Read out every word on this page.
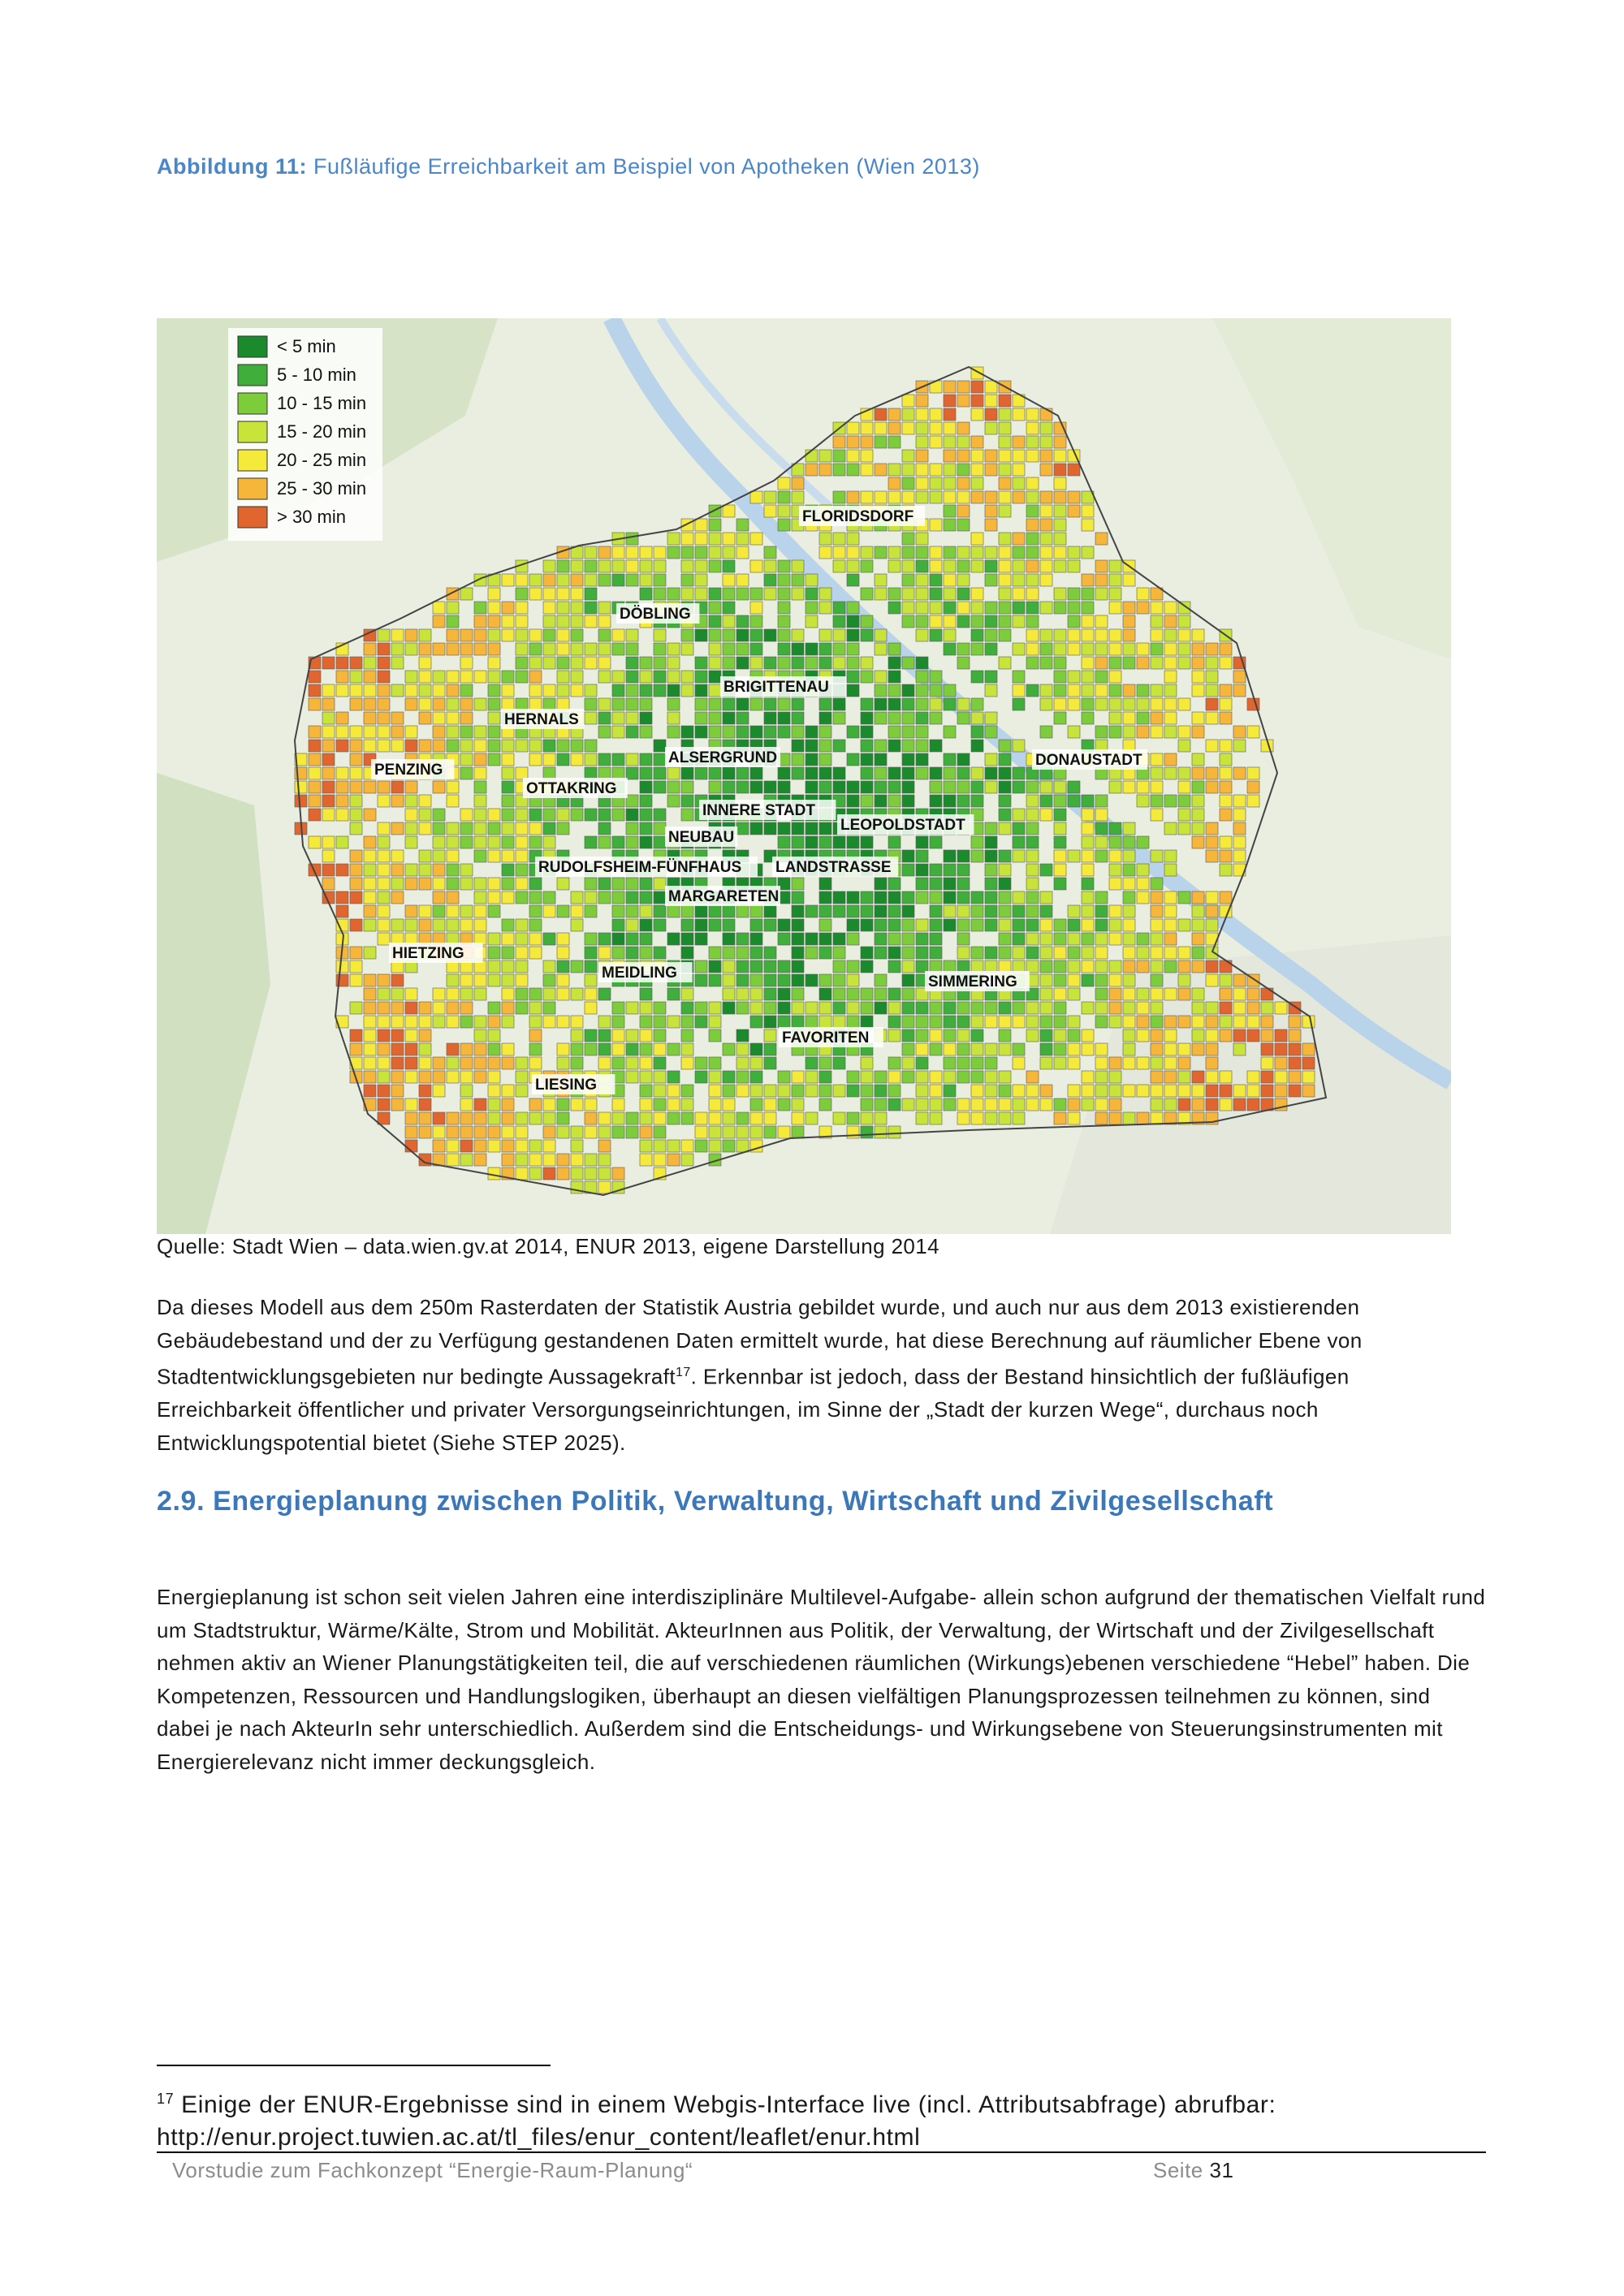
Abbildung 11: Fußläufige Erreichbarkeit am Beispiel von Apotheken (Wien 2013)
< 5 min
5 - 10 min
10 - 15 min
15 - 20 min
20 - 25 min
25 - 30 min
> 30 min	FLORIDSDORF
DÖBLING
BRIGITTENAU
HERNALS
ALSERGRUND	DONAUSTADT
PENZING
OTTAKRING
INNERE STADT
LEOPOLDSTADT
NEUBAU
RUDOLFSHEIM-FÜNFHAUS LANDSTRASSE
MARGARETEN
HIETZING
MEIDLING
SIMMERING
FAVORITEN
LIESING
Quelle: Stadt Wien – data.wien.gv.at 2014, ENUR 2013, eigene Darstellung 2014

Da dieses Modell aus dem 250m Rasterdaten der Statistik Austria gebildet wurde, und auch nur aus dem 2013 existierenden Gebäudebestand und der zu Verfügung gestandenen Daten ermittelt wurde, hat diese Berechnung auf räumlicher Ebene von Stadtentwicklungsgebieten nur bedingte Aussagekraft$^{17}$. Erkennbar ist jedoch, dass der Bestand hinsichtlich der fußläufigen Erreichbarkeit öffentlicher und privater Versorgungseinrichtungen, im Sinne der „Stadt der kurzen Wege“, durchaus noch Entwicklungspotential bietet (Siehe STEP 2025).

2.9. Energieplanung zwischen Politik, Verwaltung, Wirtschaft und Zivilgesellschaft

Energieplanung ist schon seit vielen Jahren eine interdisziplinäre Multilevel-Aufgabe- allein schon aufgrund der thematischen Vielfalt rund um Stadtstruktur, Wärme/Kälte, Strom und Mobilität. AkteurInnen aus Politik, der Verwaltung, der Wirtschaft und der Zivilgesellschaft nehmen aktiv an Wiener Planungstätigkeiten teil, die auf verschiedenen räumlichen (Wirkungs)ebenen verschiedene “Hebel” haben. Die Kompetenzen, Ressourcen und Handlungslogiken, überhaupt an diesen vielfältigen Planungsprozessen teilnehmen zu können, sind dabei je nach AkteurIn sehr unterschiedlich. Außerdem sind die Entscheidungs- und Wirkungsebene von Steuerungsinstrumenten mit Energierelevanz nicht immer deckungsgleich.

$^{17}$ Einige der ENUR-Ergebnisse sind in einem Webgis-Interface live (incl. Attributsabfrage) abrufbar:
http://enur.project.tuwien.ac.at/tl_files/enur_content/leaflet/enur.html
Vorstudie zum Fachkonzept “Energie-Raum-Planung“	Seite 31
